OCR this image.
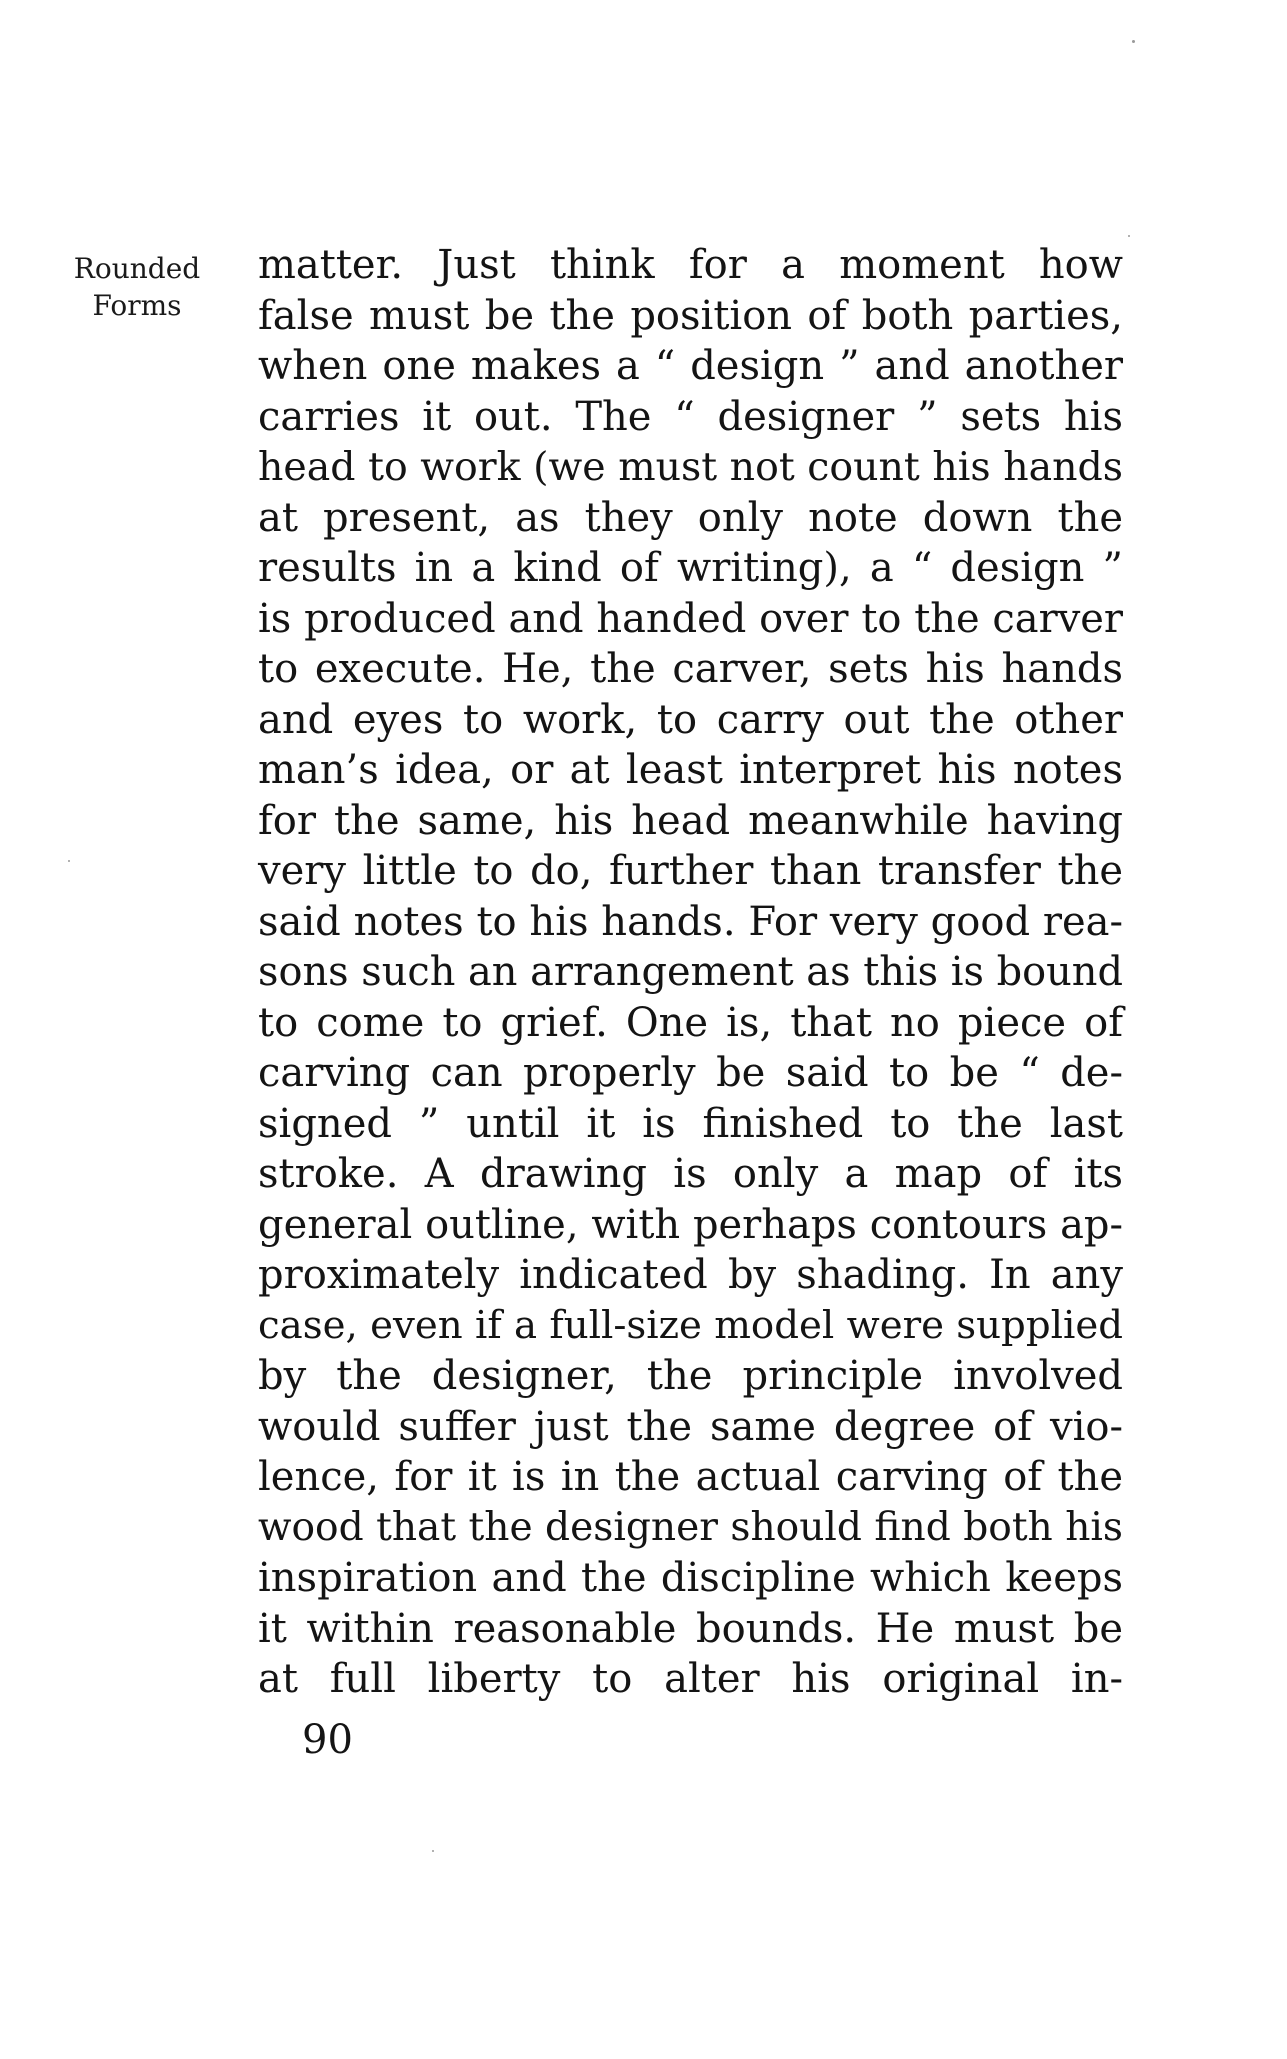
Rounded
Forms
matter. Just think for a moment how
false must be the position of both parties,
when one makes a “ design ” and another
carries it out. The “ designer ” sets his
head to work (we must not count his hands
at present, as they only note down the
results in a kind of writing), a “ design ”
is produced and handed over to the carver
to execute. He, the carver, sets his hands
and eyes to work, to carry out the other
man’s idea, or at least interpret his notes
for the same, his head meanwhile having
very little to do, further than transfer the
said notes to his hands. For very good rea-
sons such an arrangement as this is bound
to come to grief. One is, that no piece of
carving can properly be said to be “ de-
signed ” until it is finished to the last
stroke. A drawing is only a map of its
general outline, with perhaps contours ap-
proximately indicated by shading. In any
case, even if a full-size model were supplied
by the designer, the principle involved
would suffer just the same degree of vio-
lence, for it is in the actual carving of the
wood that the designer should find both his
inspiration and the discipline which keeps
it within reasonable bounds. He must be
at full liberty to alter his original in-
90
